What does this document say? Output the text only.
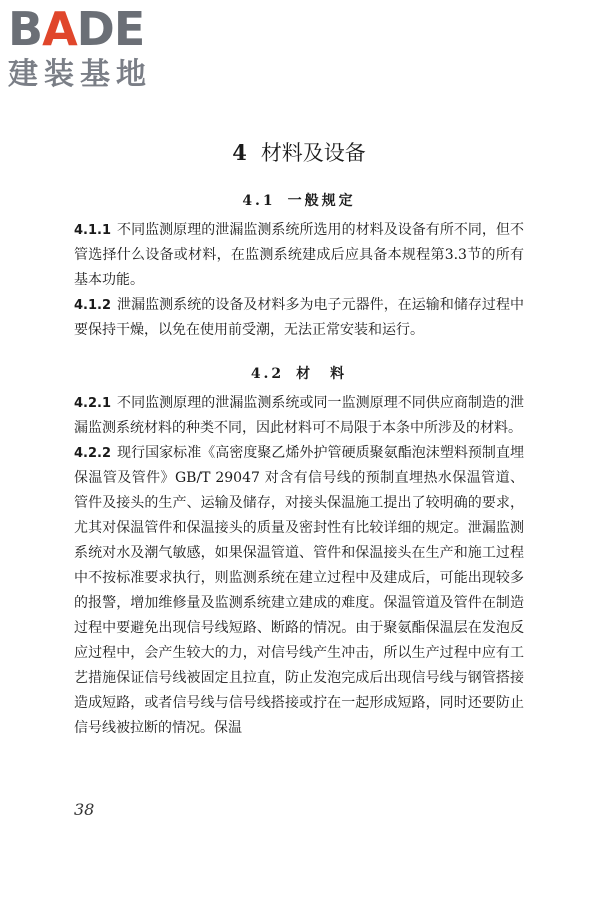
BADE
建装基地
4 材料及设备
4.1 一般规定

4.1.1 不同监测原理的泄漏监测系统所选用的材料及设备有所不同，但不管选择什么设备或材料，在监测系统建成后应具备本规程第3.3节的所有基本功能。

4.1.2 泄漏监测系统的设备及材料多为电子元器件，在运输和储存过程中要保持干燥，以免在使用前受潮，无法正常安装和运行。

4.2 材　料

4.2.1 不同监测原理的泄漏监测系统或同一监测原理不同供应商制造的泄漏监测系统材料的种类不同，因此材料可不局限于本条中所涉及的材料。

4.2.2 现行国家标准《高密度聚乙烯外护管硬质聚氨酯泡沫塑料预制直埋保温管及管件》GB/T 29047 对含有信号线的预制直埋热水保温管道、管件及接头的生产、运输及储存，对接头保温施工提出了较明确的要求，尤其对保温管件和保温接头的质量及密封性有比较详细的规定。泄漏监测系统对水及潮气敏感，如果保温管道、管件和保温接头在生产和施工过程中不按标准要求执行，则监测系统在建立过程中及建成后，可能出现较多的报警，增加维修量及监测系统建立建成的难度。保温管道及管件在制造过程中要避免出现信号线短路、断路的情况。由于聚氨酯保温层在发泡反应过程中，会产生较大的力，对信号线产生冲击，所以生产过程中应有工艺措施保证信号线被固定且拉直，防止发泡完成后出现信号线与钢管搭接造成短路，或者信号线与信号线搭接或拧在一起形成短路，同时还要防止信号线被拉断的情况。保温

38
